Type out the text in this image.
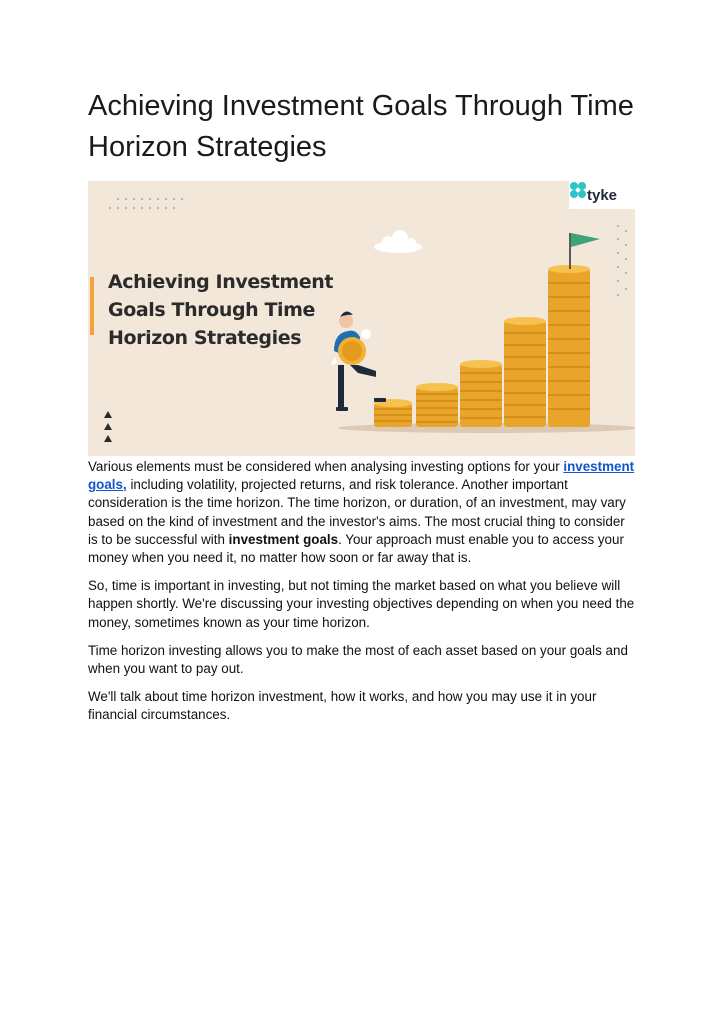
Achieving Investment Goals Through Time Horizon Strategies
tyke
Achieving Investment Goals Through Time Horizon Strategies

Various elements must be considered when analysing investing options for your investment goals, including volatility, projected returns, and risk tolerance. Another important consideration is the time horizon. The time horizon, or duration, of an investment, may vary based on the kind of investment and the investor's aims. The most crucial thing to consider is to be successful with investment goals. Your approach must enable you to access your money when you need it, no matter how soon or far away that is.

So, time is important in investing, but not timing the market based on what you believe will happen shortly. We're discussing your investing objectives depending on when you need the money, sometimes known as your time horizon.

Time horizon investing allows you to make the most of each asset based on your goals and when you want to pay out.

We'll talk about time horizon investment, how it works, and how you may use it in your financial circumstances.
